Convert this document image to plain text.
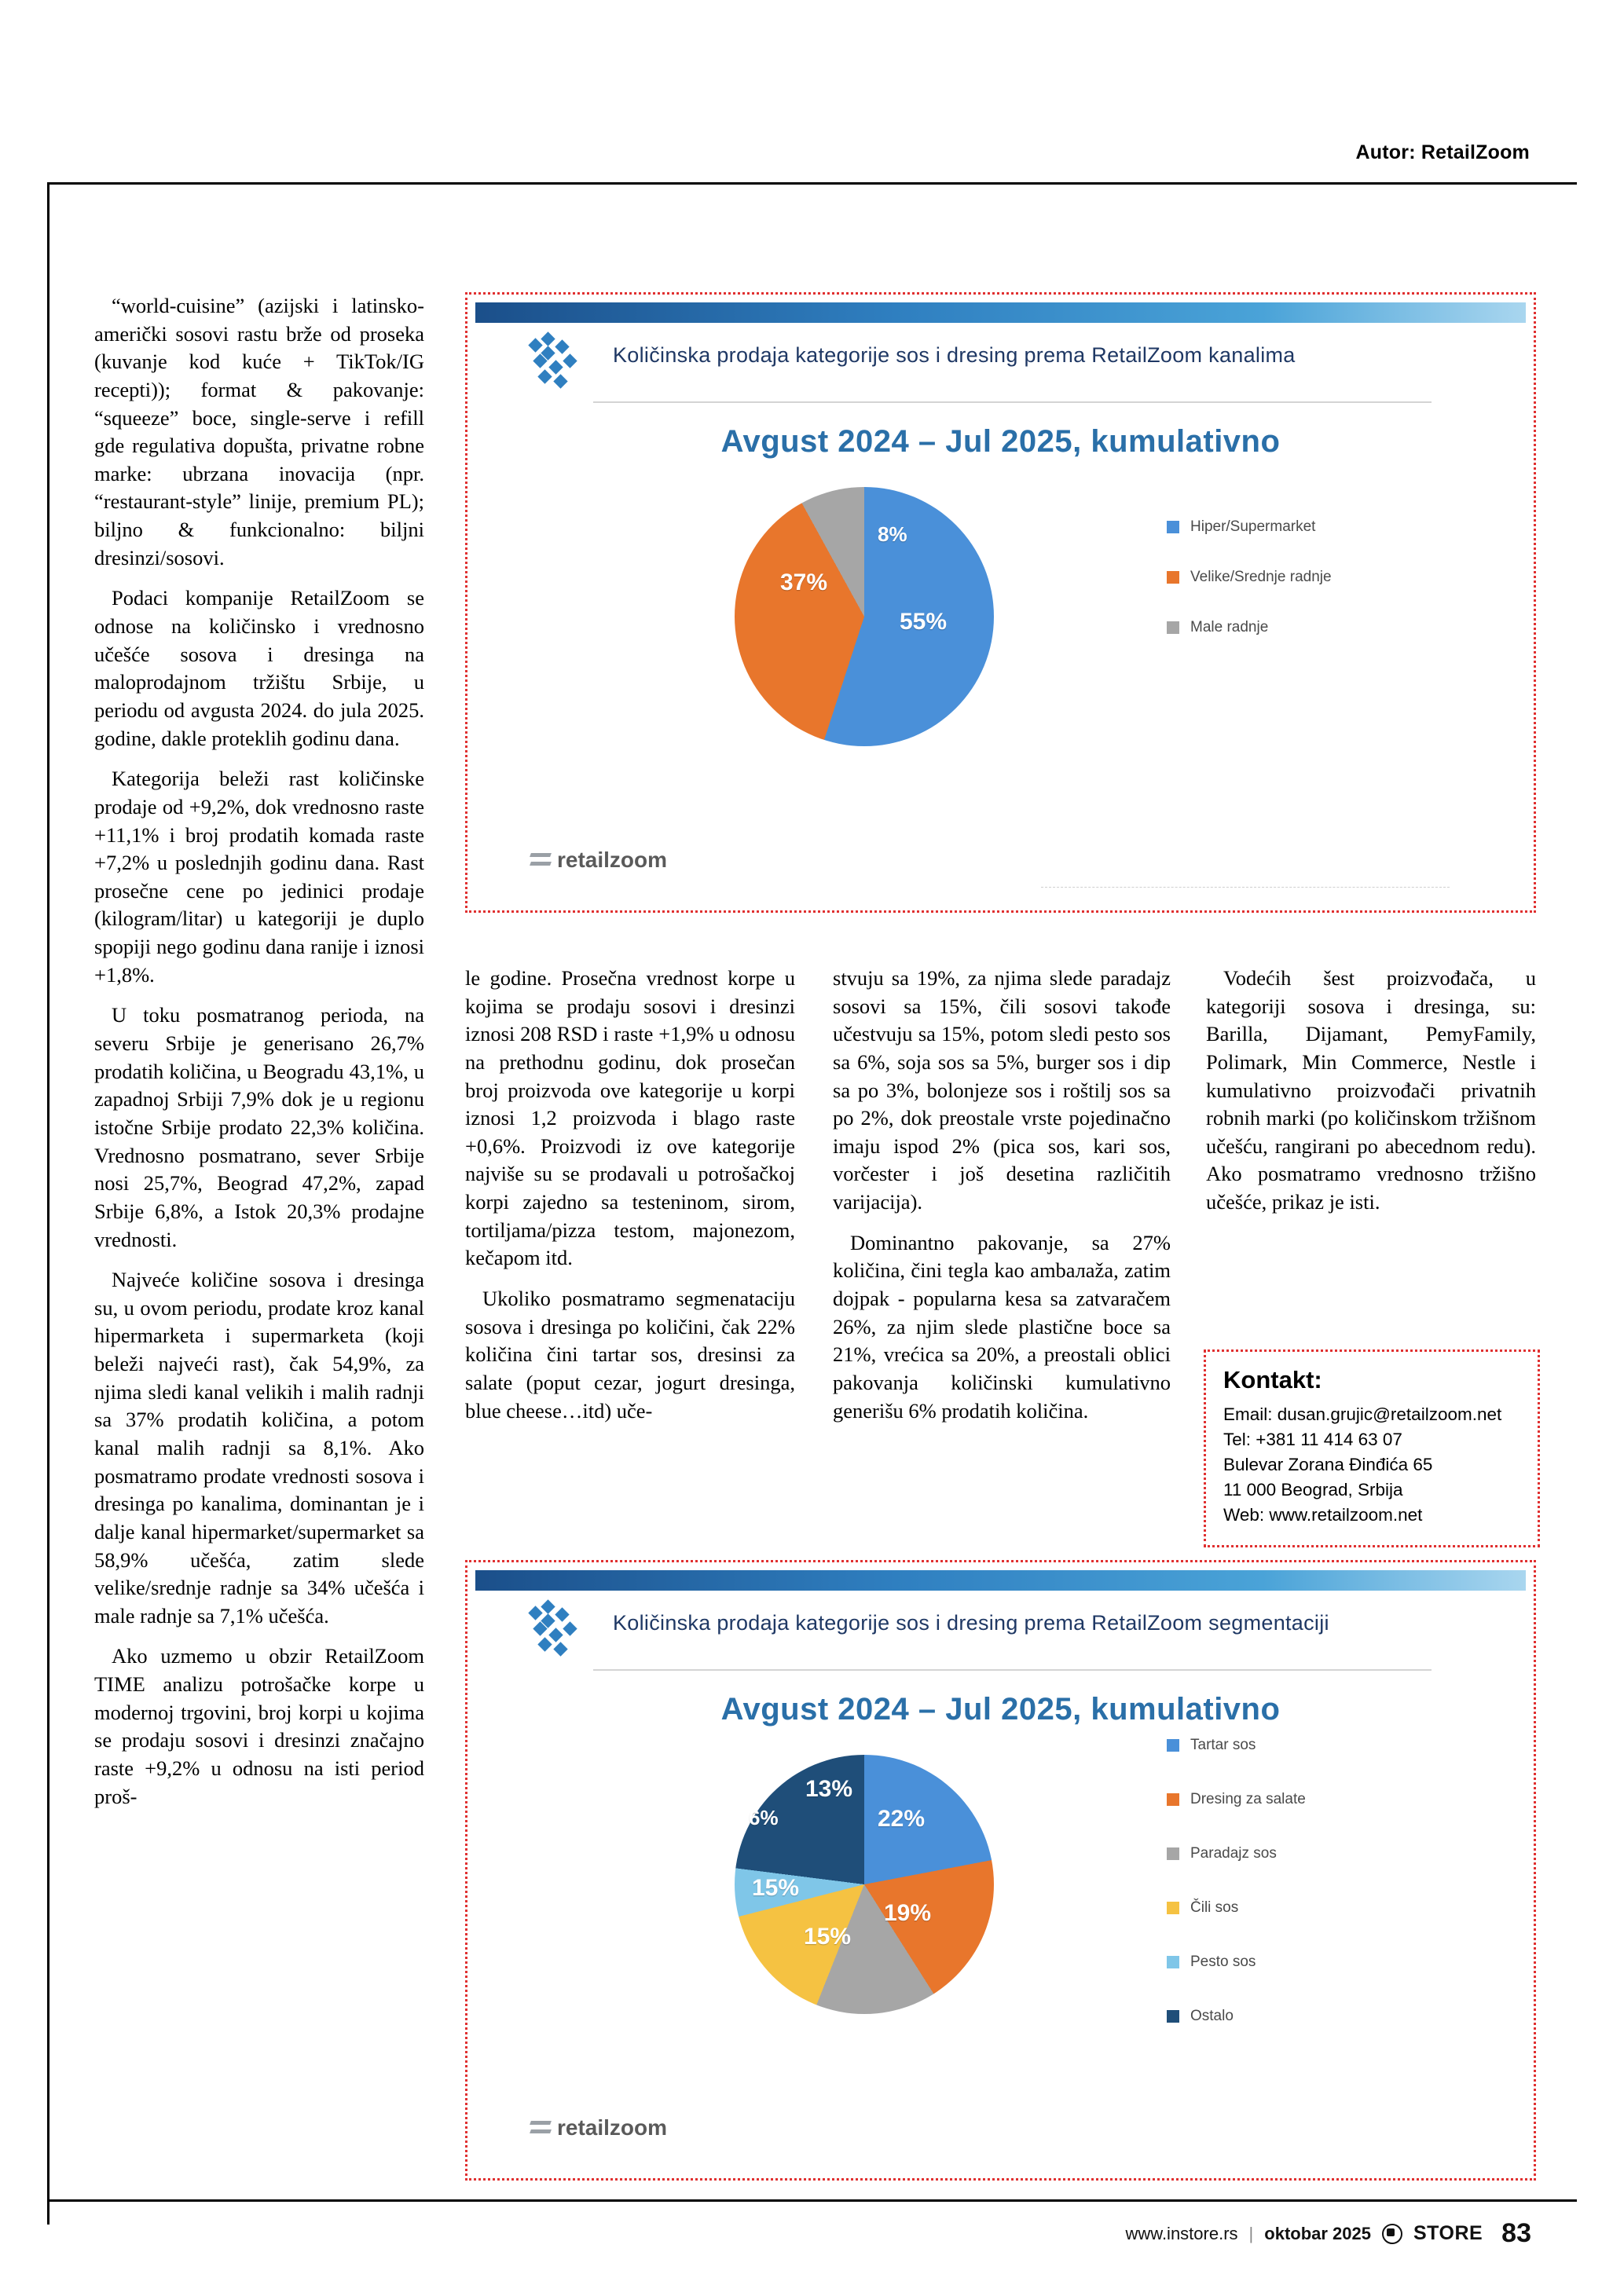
Autor: RetailZoom

“world-cuisine” (azijski i latinsko-američki sosovi rastu brže od proseka (kuvanje kod kuće + TikTok/IG recepti)); format & pakovanje: “squeeze” boce, single-serve i refill gde regulativa dopušta, privatne robne marke: ubrzana inovacija (npr. “restaurant-style” linije, premium PL); biljno & funkcionalno: biljni dresinzi/sosovi.

Podaci kompanije RetailZoom se odnose na količinsko i vrednosno učešće sosova i dresinga na maloprodajnom tržištu Srbije, u periodu od avgusta 2024. do jula 2025. godine, dakle proteklih godinu dana.

Kategorija beleži rast količinske prodaje od +9,2%, dok vrednosno raste +11,1% i broj prodatih komada raste +7,2% u poslednjih godinu dana. Rast prosečne cene po jedinici prodaje (kilogram/litar) u kategoriji je duplo spoрiji nego godinu dana ranije i iznosi +1,8%.

U toku posmatranog perioda, na severu Srbije je generisano 26,7% prodatih količina, u Beogradu 43,1%, u zapadnoj Srbiji 7,9% dok je u regionu istočne Srbije prodato 22,3% količina. Vrednosno posmatrano, sever Srbije nosi 25,7%, Beograd 47,2%, zapad Srbije 6,8%, a Istok 20,3% prodajne vrednosti.

Najveće količine sosova i dresinga su, u ovom periodu, prodate kroz kanal hipermarketa i supermarketa (koji beleži najveći rast), čak 54,9%, za njima sledi kanal velikih i malih radnji sa 37% prodatih količina, a potom kanal malih radnji sa 8,1%. Ako posmatramo prodate vrednosti sosova i dresinga po kanalima, dominantan je i dalje kanal hipermarket/supermarket sa 58,9% učešća, zatim slede velike/srednje radnje sa 34% učešća i male radnje sa 7,1% učešća.

Ako uzmemo u obzir RetailZoom TIME analizu potrošačke korpe u modernoj trgovini, broj korpi u kojima se prodaju sosovi i dresinzi značajno raste +9,2% u odnosu na isti period proš-

le godine. Prosečna vrednost korpe u kojima se prodaju sosovi i dresinzi iznosi 208 RSD i raste +1,9% u odnosu na prethodnu godinu, dok prosečan broj proizvoda ove kategorije u korpi iznosi 1,2 proizvoda i blago raste +0,6%. Proizvodi iz ove kategorije najviše su se prodavali u potrošačkoj korpi zajedno sa testeninom, sirom, tortiljama/pizza testom, majonezom, kečapom itd.

Ukoliko posmatramo segmenataciju sosova i dresinga po količini, čak 22% količina čini tartar sos, dresinsi za salate (poput cezar, jogurt dresinga, blue cheese…itd) uče-

stvuju sa 19%, za njima slede paradajz sosovi sa 15%, čili sosovi takođe učestvuju sa 15%, potom sledi pesto sos sa 6%, soja sos sa 5%, burger sos i dip sa po 3%, bolonjeze sos i roštilj sos sa po 2%, dok preostale vrste pojedinačno imaju ispod 2% (pica sos, kari sos, vorčester i još desetina različitih varijacija).

Dominantno pakovanje, sa 27% količina, čini tegla kao ambaлaža, zatim dojpak - popularna kesa sa zatvaračem 26%, za njim slede plastične boce sa 21%, vrećica sa 20%, a preostali oblici pakovanja količinski kumulativno generišu 6% prodatih količina.

Vodećih šest proizvođača, u kategoriji sosova i dresinga, su: Barilla, Dijamant, PemyFamily, Polimark, Min Commerce, Nestle i kumulativno proizvođači privatnih robnih marki (po količinskom tržišnom učešću, rangirani po abecednom redu). Ako posmatramo vrednosno tržišno učešće, prikaz je isti.

Kontakt:
Email: dusan.grujic@retailzoom.net
Tel: +381 11 414 63 07
Bulevar Zorana Đinđića 65
11 000 Beograd, Srbija
Web: www.retailzoom.net
Količinska prodaja kategorije sos i dresing prema RetailZoom kanalima
Avgust 2024 – Jul 2025, kumulativno
55%
37%
8%	Hiper/Supermarket
Velike/Srednje radnje
Male radnje
retailzoom
Količinska prodaja kategorije sos i dresing prema RetailZoom segmentaciji
Avgust 2024 – Jul 2025, kumulativno
22%
19%
15%
15%
6%
13%
Tartar sos
Dresing za salate
Paradajz sos
Čili sos
Pesto sos
Ostalo
retailzoom
www.instore.rs | oktobar 2025 STORE 83
